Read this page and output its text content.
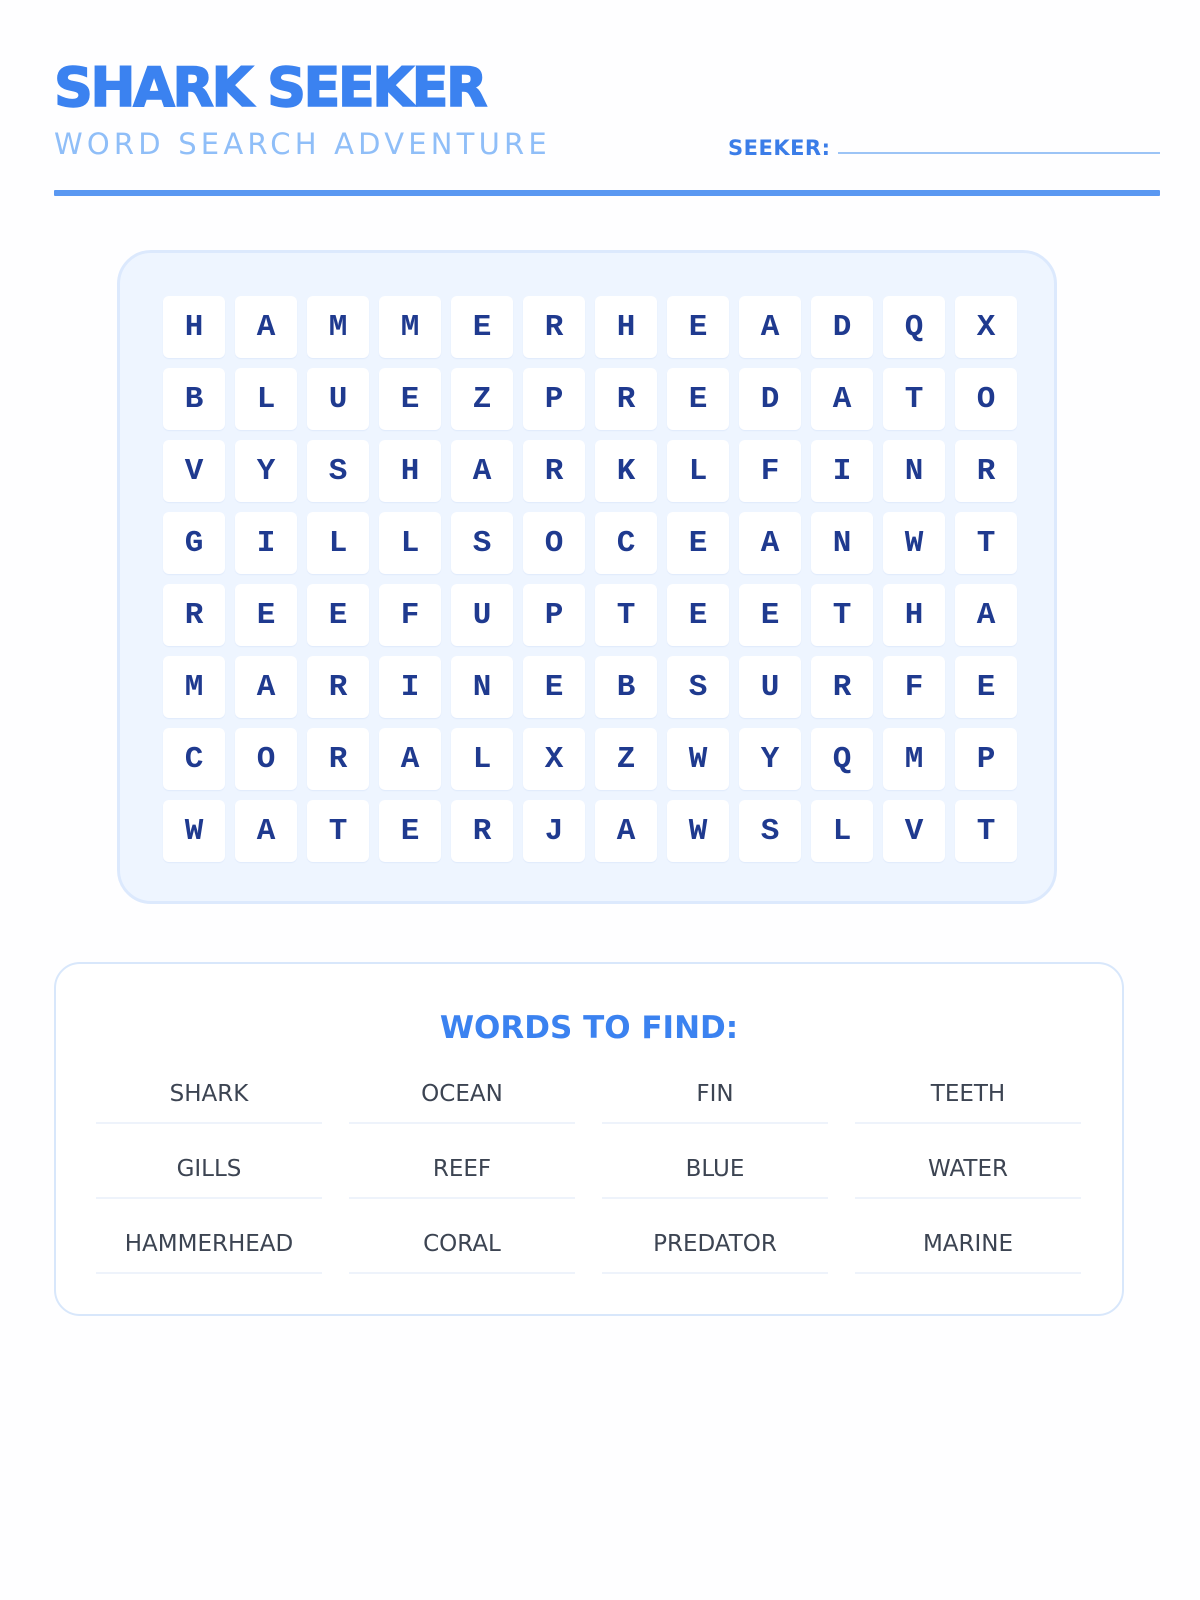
SHARK SEEKER
WORD SEARCH ADVENTURE	SEEKER:
H	A	M	M	E	R	H	E	A	D	Q	X
B	L	U	E	Z	P	R	E	D	A	T	O
V	Y	S	H	A	R	K	L	F	I	N	R
G	I	L	L	S	O	C	E	A	N	W	T
R	E	E	F	U	P	T	E	E	T	H	A
M	A	R	I	N	E	B	S	U	R	F	E
C	O	R	A	L	X	Z	W	Y	Q	M	P
W	A	T	E	R	J	A	W	S	L	V	T
WORDS TO FIND:
SHARK	OCEAN	FIN	TEETH
GILLS	REEF	BLUE	WATER
HAMMERHEAD	CORAL	PREDATOR	MARINE
